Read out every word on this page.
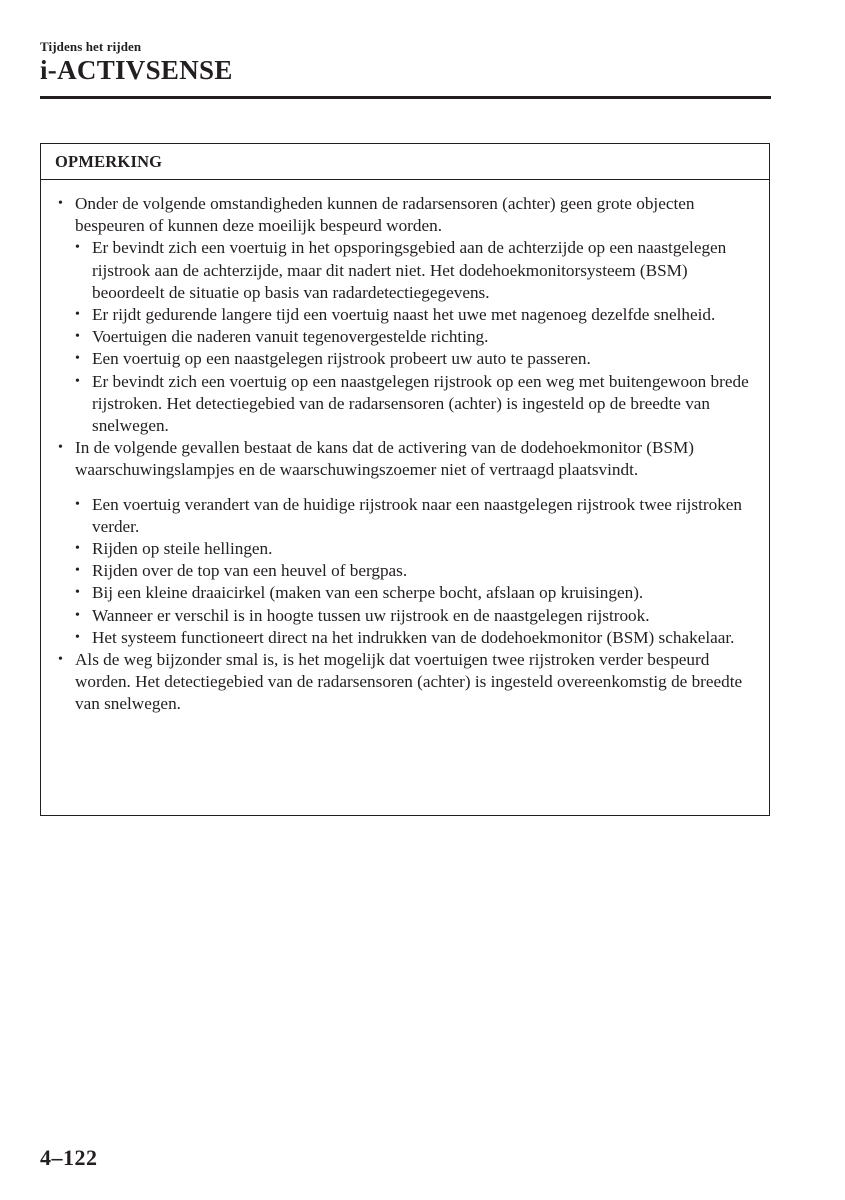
Tijdens het rijden
i-ACTIVSENSE
OPMERKING
• Onder de volgende omstandigheden kunnen de radarsensoren (achter) geen grote objecten bespeuren of kunnen deze moeilijk bespeurd worden.
• Er bevindt zich een voertuig in het opsporingsgebied aan de achterzijde op een naastgelegen rijstrook aan de achterzijde, maar dit nadert niet. Het dodehoekmonitorsysteem (BSM) beoordeelt de situatie op basis van radardetectiegegevens.
• Er rijdt gedurende langere tijd een voertuig naast het uwe met nagenoeg dezelfde snelheid.
• Voertuigen die naderen vanuit tegenovergestelde richting.
• Een voertuig op een naastgelegen rijstrook probeert uw auto te passeren.
• Er bevindt zich een voertuig op een naastgelegen rijstrook op een weg met buitengewoon brede rijstroken. Het detectiegebied van de radarsensoren (achter) is ingesteld op de breedte van snelwegen.
• In de volgende gevallen bestaat de kans dat de activering van de dodehoekmonitor (BSM) waarschuwingslampjes en de waarschuwingszoemer niet of vertraagd plaatsvindt.
• Een voertuig verandert van de huidige rijstrook naar een naastgelegen rijstrook twee rijstroken verder.
• Rijden op steile hellingen.
• Rijden over de top van een heuvel of bergpas.
• Bij een kleine draaicirkel (maken van een scherpe bocht, afslaan op kruisingen).
• Wanneer er verschil is in hoogte tussen uw rijstrook en de naastgelegen rijstrook.
• Het systeem functioneert direct na het indrukken van de dodehoekmonitor (BSM) schakelaar.
• Als de weg bijzonder smal is, is het mogelijk dat voertuigen twee rijstroken verder bespeurd worden. Het detectiegebied van de radarsensoren (achter) is ingesteld overeenkomstig de breedte van snelwegen.
4–122
